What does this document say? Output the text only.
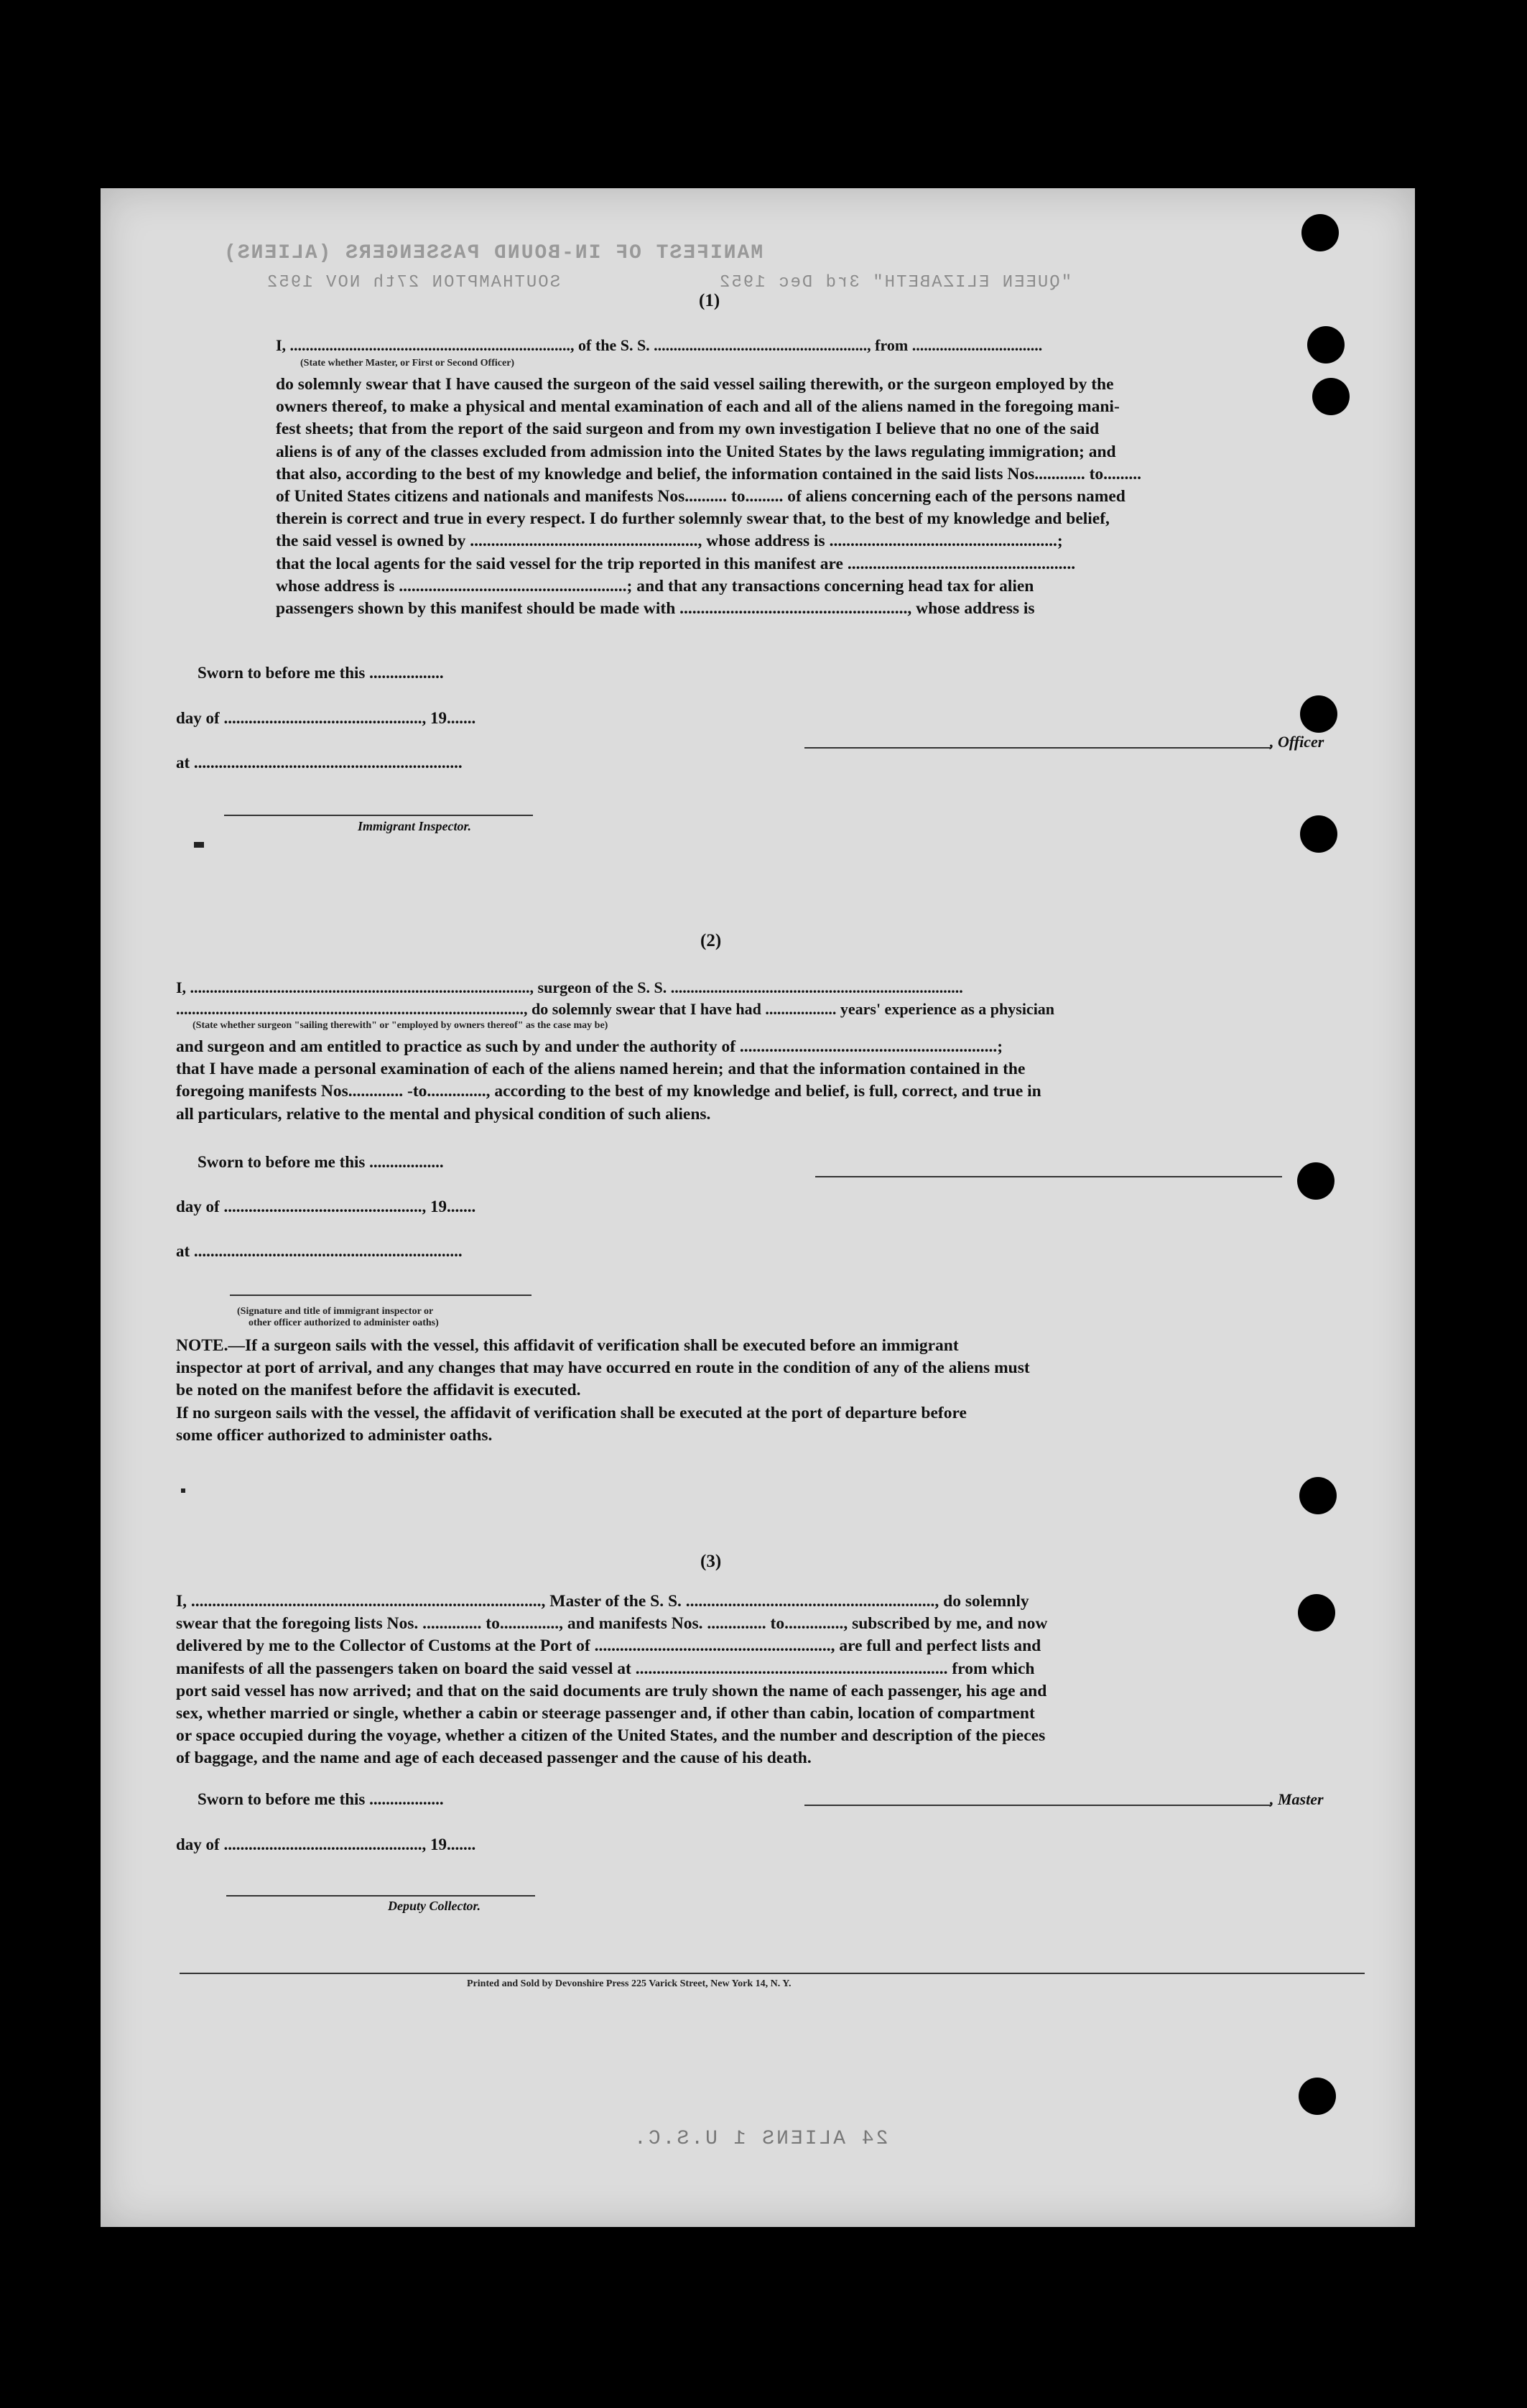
MANIFEST OF IN-BOUND PASSENGERS (ALIENS)
SOUTHAMPTON 27th NOV 1952	"QUEEN ELIZABETH" 3rd Dec 1952
(1)
I, ......................................................................., of the S. S. ......................................................, from .................................
(State whether Master, or First or Second Officer)
do solemnly swear that I have caused the surgeon of the said vessel sailing therewith, or the surgeon employed by the
owners thereof, to make a physical and mental examination of each and all of the aliens named in the foregoing mani-
fest sheets; that from the report of the said surgeon and from my own investigation I believe that no one of the said
aliens is of any of the classes excluded from admission into the United States by the laws regulating immigration; and
that also, according to the best of my knowledge and belief, the information contained in the said lists Nos............ to.........
of United States citizens and nationals and manifests Nos.......... to......... of aliens concerning each of the persons named
therein is correct and true in every respect. I do further solemnly swear that, to the best of my knowledge and belief,
the said vessel is owned by ......................................................, whose address is ......................................................;
that the local agents for the said vessel for the trip reported in this manifest are ......................................................
whose address is ......................................................; and that any transactions concerning head tax for alien
passengers shown by this manifest should be made with ......................................................, whose address is
Sworn to before me this ..................
day of ................................................, 19.......
at .................................................................
Immigrant Inspector.
, Officer
(2)
I, ......................................................................................, surgeon of the S. S. ..........................................................................
........................................................................................, do solemnly swear that I have had .................. years' experience as a physician
(State whether surgeon "sailing therewith" or "employed by owners thereof" as the case may be)
and surgeon and am entitled to practice as such by and under the authority of .............................................................;
that I have made a personal examination of each of the aliens named herein; and that the information contained in the
foregoing manifests Nos............. -to.............., according to the best of my knowledge and belief, is full, correct, and true in
all particulars, relative to the mental and physical condition of such aliens.
Sworn to before me this ..................
day of ................................................, 19.......
at .................................................................
(Signature and title of immigrant inspector or
other officer authorized to administer oaths)
NOTE.—If a surgeon sails with the vessel, this affidavit of verification shall be executed before an immigrant
inspector at port of arrival, and any changes that may have occurred en route in the condition of any of the aliens must
be noted on the manifest before the affidavit is executed.
If no surgeon sails with the vessel, the affidavit of verification shall be executed at the port of departure before
some officer authorized to administer oaths.
(3)
I, ..................................................................................., Master of the S. S. ..........................................................., do solemnly
swear that the foregoing lists Nos. .............. to.............., and manifests Nos. .............. to.............., subscribed by me, and now
delivered by me to the Collector of Customs at the Port of ........................................................, are full and perfect lists and
manifests of all the passengers taken on board the said vessel at .......................................................................... from which
port said vessel has now arrived; and that on the said documents are truly shown the name of each passenger, his age and
sex, whether married or single, whether a cabin or steerage passenger and, if other than cabin, location of compartment
or space occupied during the voyage, whether a citizen of the United States, and the number and description of the pieces
of baggage, and the name and age of each deceased passenger and the cause of his death.
Sworn to before me this ..................
day of ................................................, 19.......
, Master
Deputy Collector.
Printed and Sold by Devonshire Press 225 Varick Street, New York 14, N. Y.
24 ALIENS 1 U.S.C.
